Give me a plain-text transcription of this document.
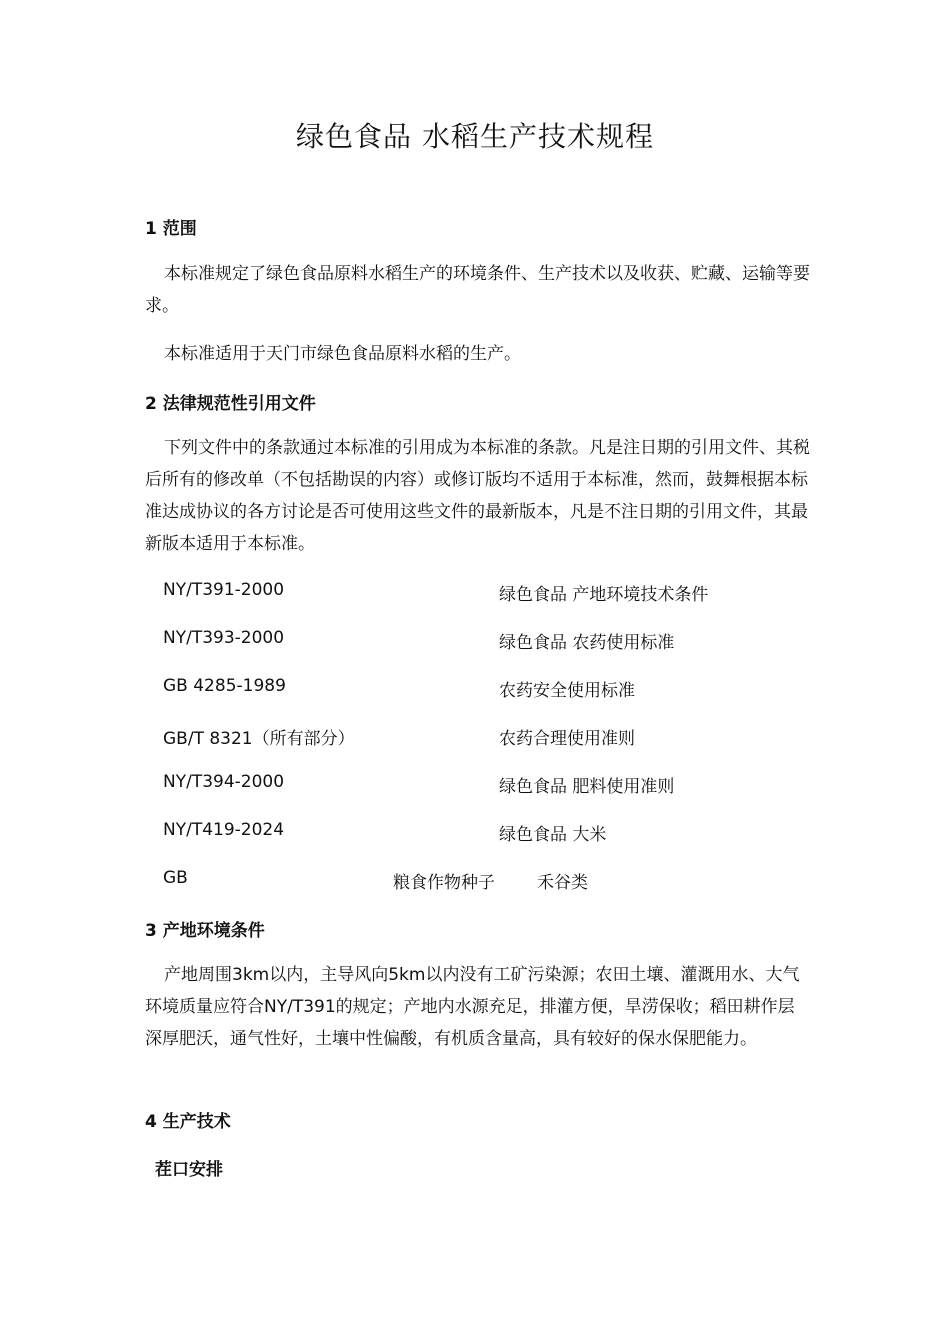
绿色食品 水稻生产技术规程
1 范围

本标准规定了绿色食品原料水稻生产的环境条件、生产技术以及收获、贮藏、运输等要求。

本标准适用于天门市绿色食品原料水稻的生产。

2 法律规范性引用文件

下列文件中的条款通过本标准的引用成为本标准的条款。凡是注日期的引用文件、其税后所有的修改单（不包括勘误的内容）或修订版均不适用于本标准，然而，鼓舞根据本标准达成协议的各方讨论是否可使用这些文件的最新版本，凡是不注日期的引用文件，其最新版本适用于本标准。

NY/T391-2000	绿色食品 产地环境技术条件
NY/T393-2000	绿色食品 农药使用标准
GB 4285-1989	农药安全使用标准
GB/T 8321（所有部分）	农药合理使用准则
NY/T394-2000	绿色食品 肥料使用准则
NY/T419-2024	绿色食品 大米
GB	粮食作物种子 禾谷类
3 产地环境条件

产地周围3km以内，主导风向5km以内没有工矿污染源；农田土壤、灌溉用水、大气环境质量应符合NY/T391的规定；产地内水源充足，排灌方便，旱涝保收；稻田耕作层深厚肥沃，通气性好，土壤中性偏酸，有机质含量高，具有较好的保水保肥能力。

4 生产技术
茬口安排
